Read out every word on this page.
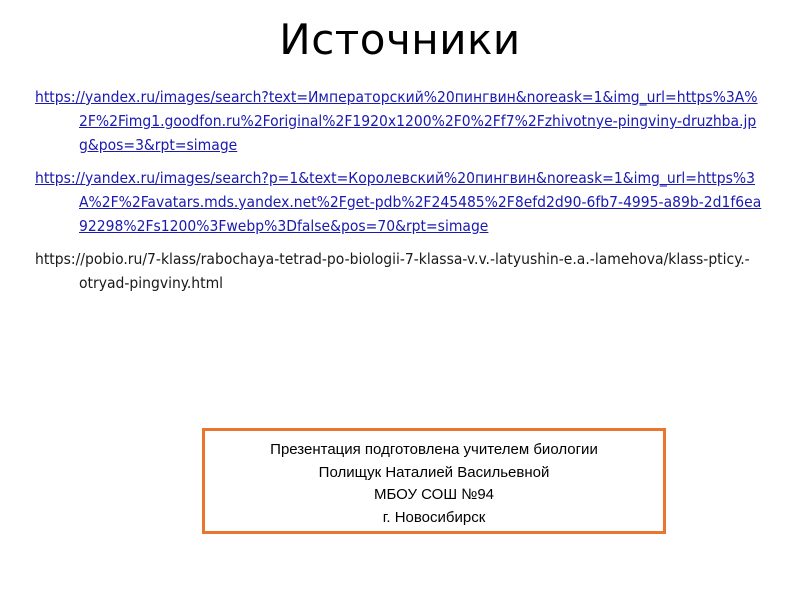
Источники
https://yandex.ru/images/search?text=Императорский%20пингвин&noreask=1&img_url=https%3A%2F%2Fimg1.goodfon.ru%2Foriginal%2F1920x1200%2F0%2Ff7%2Fzhivotnye-pingviny-druzhba.jpg&pos=3&rpt=simage
https://yandex.ru/images/search?p=1&text=Королевский%20пингвин&noreask=1&img_url=https%3A%2F%2Favatars.mds.yandex.net%2Fget-pdb%2F245485%2F8efd2d90-6fb7-4995-a89b-2d1f6ea92298%2Fs1200%3Fwebp%3Dfalse&pos=70&rpt=simage
https://pobio.ru/7-klass/rabochaya-tetrad-po-biologii-7-klassa-v.v.-latyushin-e.a.-lamehova/klass-pticy.-otryad-pingviny.html
Презентация подготовлена учителем биологии
Полищук Наталией Васильевной
МБОУ СОШ №94
г. Новосибирск
